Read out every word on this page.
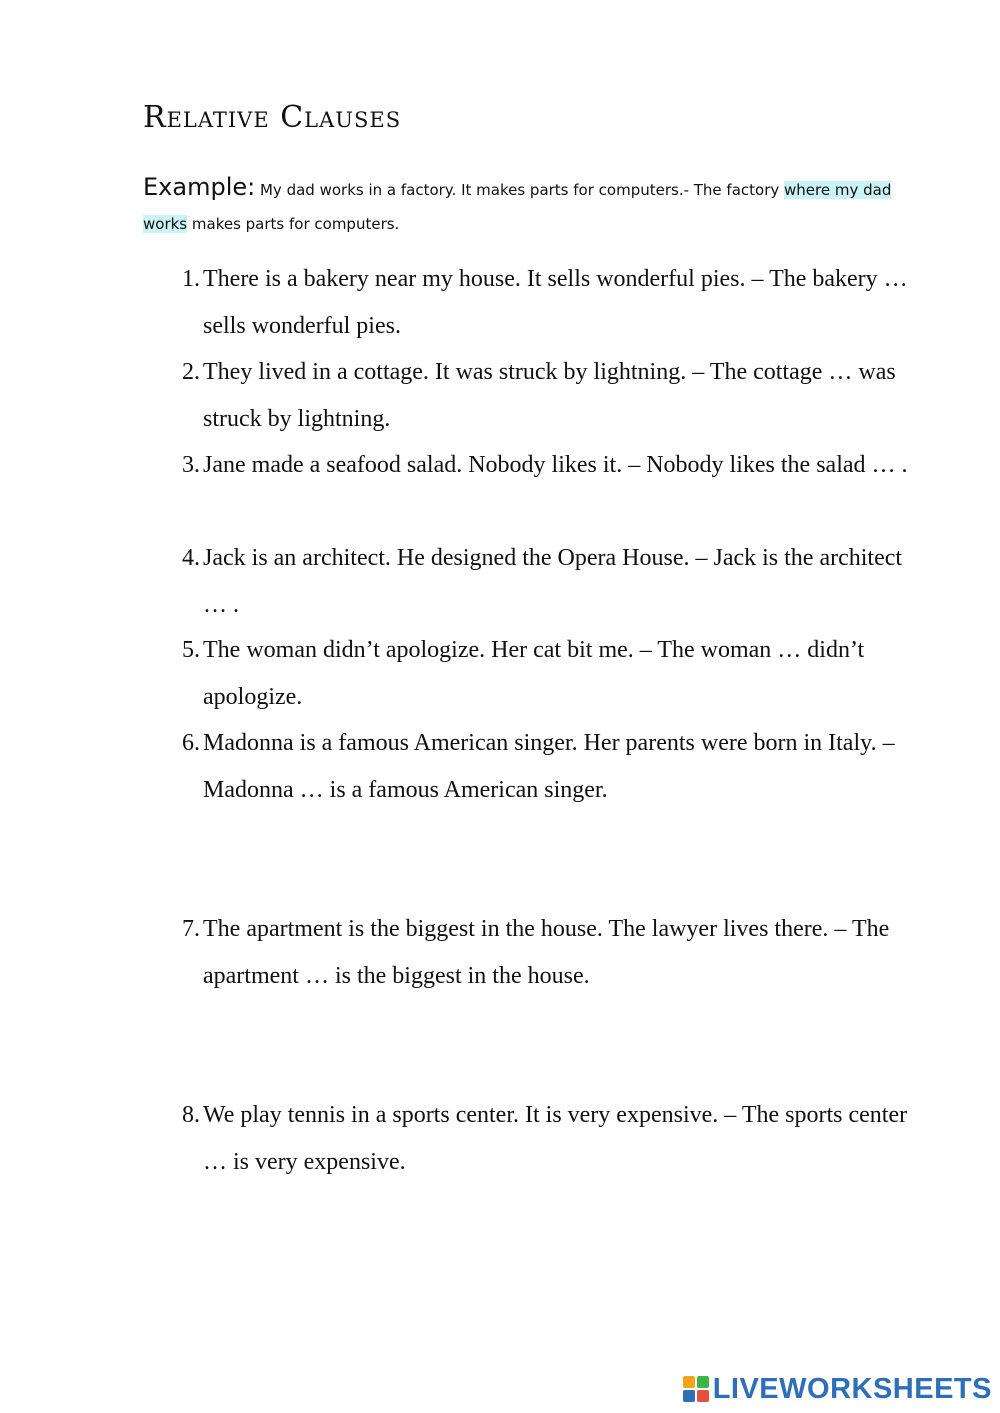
Relative Clauses
Example: My dad works in a factory. It makes parts for computers.- The factory where my dad works makes parts for computers.
1. There is a bakery near my house. It sells wonderful pies. – The bakery … sells wonderful pies.
2. They lived in a cottage. It was struck by lightning. – The cottage … was struck by lightning.
3. Jane made a seafood salad. Nobody likes it. – Nobody likes the salad … .
4. Jack is an architect. He designed the Opera House. – Jack is the architect … .
5. The woman didn’t apologize. Her cat bit me. – The woman … didn’t apologize.
6. Madonna is a famous American singer. Her parents were born in Italy. – Madonna … is a famous American singer.
7. The apartment is the biggest in the house. The lawyer lives there. – The apartment … is the biggest in the house.
8. We play tennis in a sports center. It is very expensive. – The sports center … is very expensive.
LIVEWORKSHEETS
